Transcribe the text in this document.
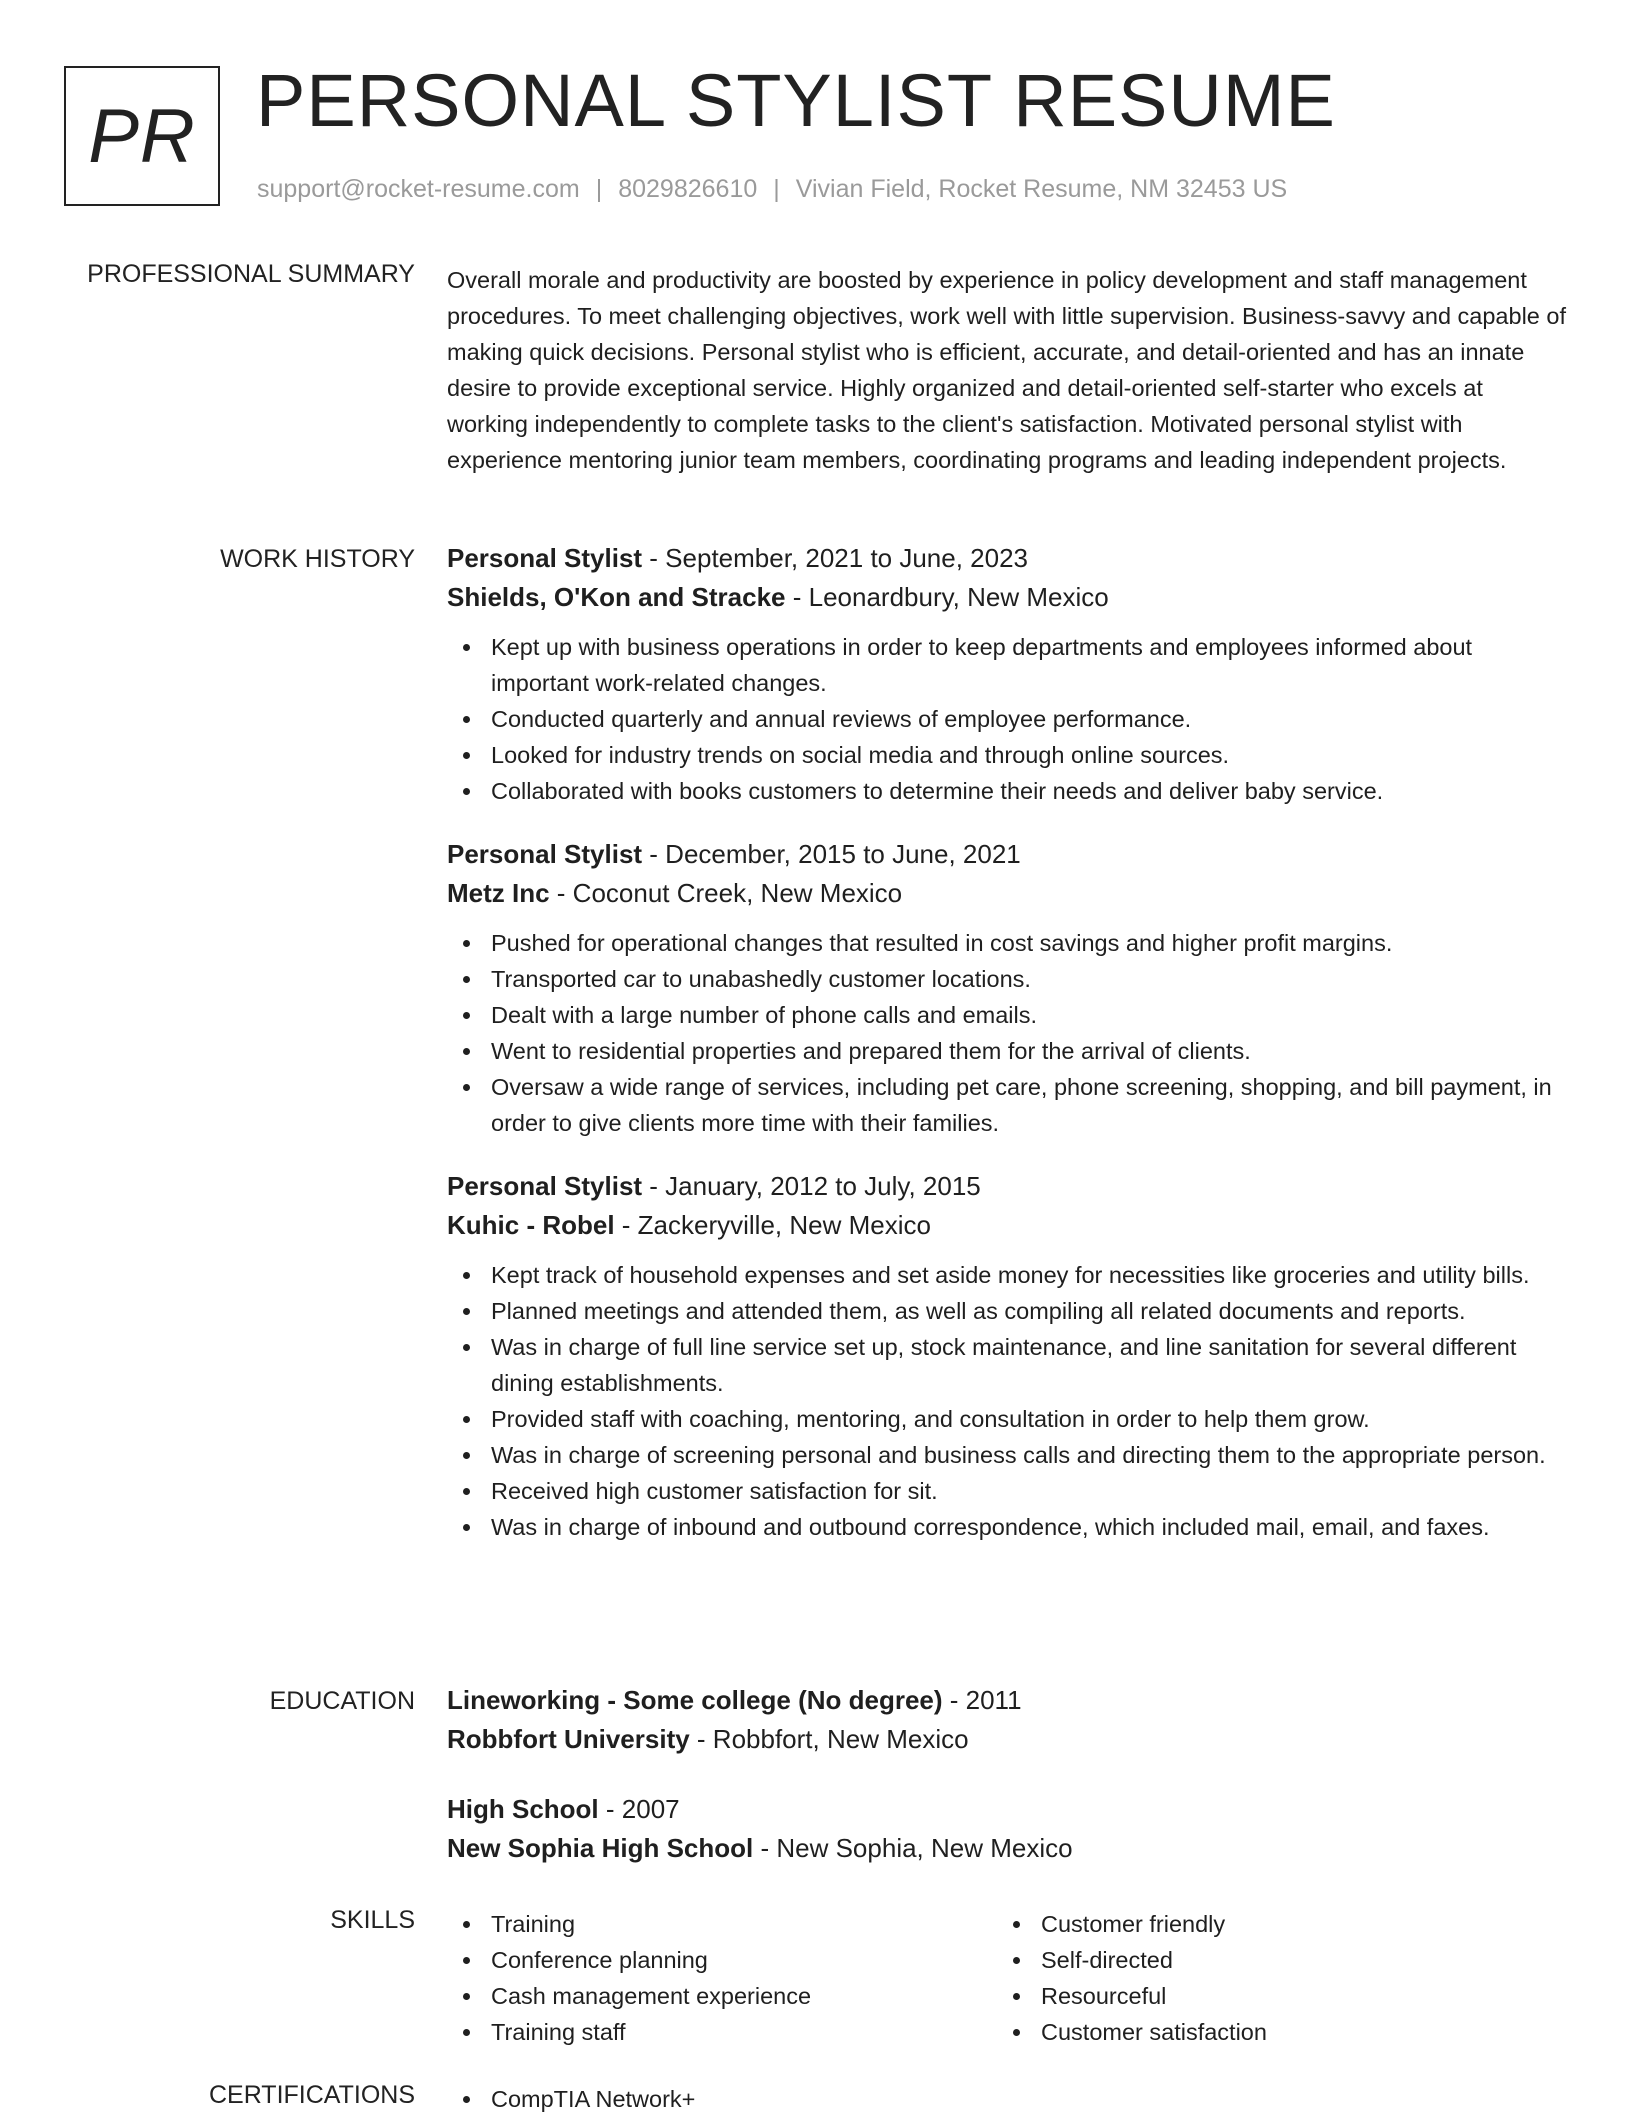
PR PERSONAL STYLIST RESUME
support@rocket-resume.com | 8029826610 | Vivian Field, Rocket Resume, NM 32453 US
PROFESSIONAL SUMMARY Overall morale and productivity are boosted by experience in policy development and staff management procedures. To meet challenging objectives, work well with little supervision. Business-savvy and capable of making quick decisions. Personal stylist who is efficient, accurate, and detail-oriented and has an innate desire to provide exceptional service. Highly organized and detail-oriented self-starter who excels at working independently to complete tasks to the client's satisfaction. Motivated personal stylist with experience mentoring junior team members, coordinating programs and leading independent projects.

WORK HISTORY Personal Stylist - September, 2021 to June, 2023
Shields, O'Kon and Stracke - Leonardbury, New Mexico
Kept up with business operations in order to keep departments and employees informed about important work-related changes.
Conducted quarterly and annual reviews of employee performance.
Looked for industry trends on social media and through online sources.
Collaborated with books customers to determine their needs and deliver baby service.
Personal Stylist - December, 2015 to June, 2021
Metz Inc - Coconut Creek, New Mexico
Pushed for operational changes that resulted in cost savings and higher profit margins.
Transported car to unabashedly customer locations.
Dealt with a large number of phone calls and emails.
Went to residential properties and prepared them for the arrival of clients.
Oversaw a wide range of services, including pet care, phone screening, shopping, and bill payment, in order to give clients more time with their families.
Personal Stylist - January, 2012 to July, 2015
Kuhic - Robel - Zackeryville, New Mexico
Kept track of household expenses and set aside money for necessities like groceries and utility bills.
Planned meetings and attended them, as well as compiling all related documents and reports.
Was in charge of full line service set up, stock maintenance, and line sanitation for several different dining establishments.
Provided staff with coaching, mentoring, and consultation in order to help them grow.
Was in charge of screening personal and business calls and directing them to the appropriate person.
Received high customer satisfaction for sit.
Was in charge of inbound and outbound correspondence, which included mail, email, and faxes.
EDUCATION Lineworking - Some college (No degree) - 2011
Robbfort University - Robbfort, New Mexico
High School - 2007
New Sophia High School - New Sophia, New Mexico
SKILLS	Training
Conference planning
Cash management experience
Training staff
Customer friendly
Self-directed
Resourceful
Customer satisfaction
CERTIFICATIONS	CompTIA Network+
